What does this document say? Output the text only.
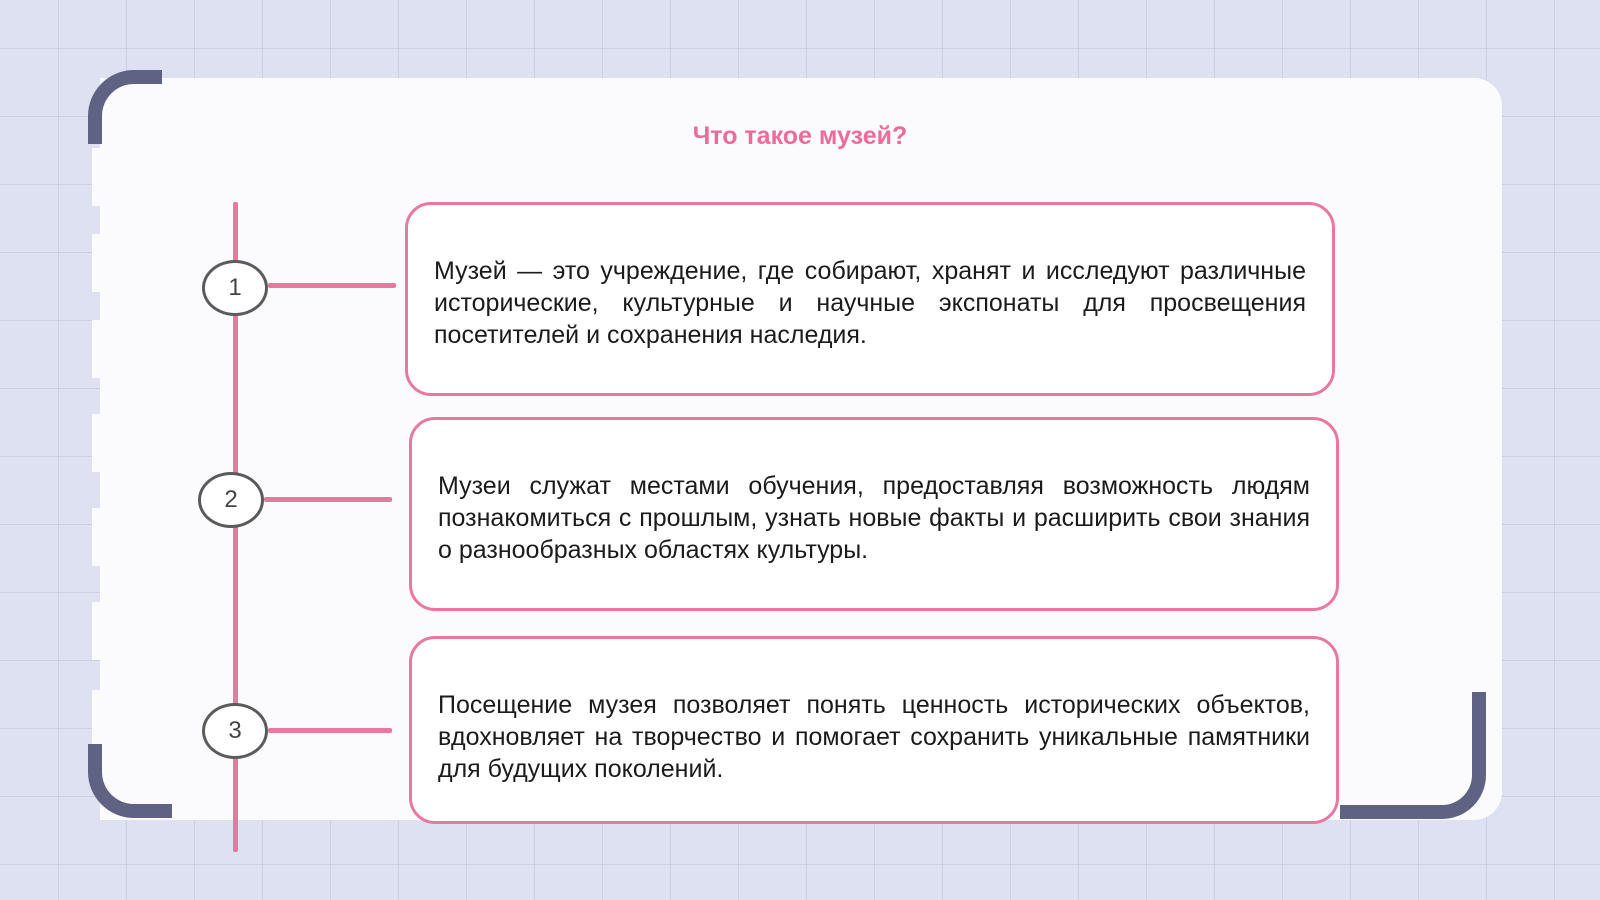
Что такое музей?
1
2
3
Музей — это учреждение, где собирают, хранят и исследуют различные исторические, культурные и научные экспонаты для просвещения посетителей и сохранения наследия.
Музеи служат местами обучения, предоставляя возможность людям познакомиться с прошлым, узнать новые факты и расширить свои знания о разнообразных областях культуры.
Посещение музея позволяет понять ценность исторических объектов, вдохновляет на творчество и помогает сохранить уникальные памятники для будущих поколений.
